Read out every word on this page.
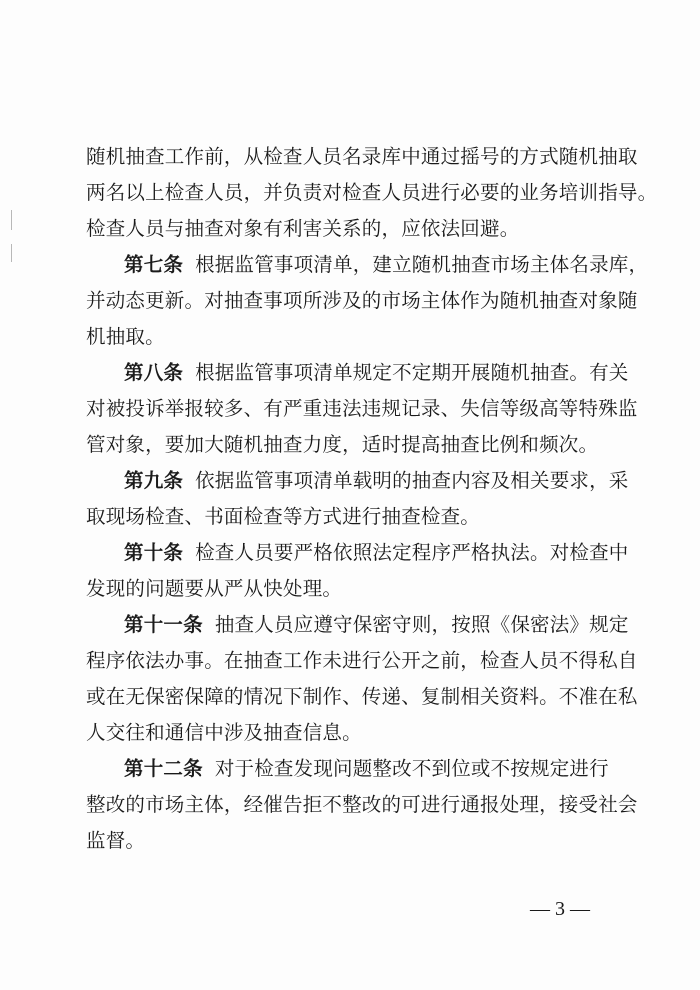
随机抽查工作前，从检查人员名录库中通过摇号的方式随机抽取
两名以上检查人员，并负责对检查人员进行必要的业务培训指导。
检查人员与抽查对象有利害关系的，应依法回避。
第七条 根据监管事项清单，建立随机抽查市场主体名录库，
并动态更新。对抽查事项所涉及的市场主体作为随机抽查对象随
机抽取。
第八条 根据监管事项清单规定不定期开展随机抽查。有关
对被投诉举报较多、有严重违法违规记录、失信等级高等特殊监
管对象，要加大随机抽查力度，适时提高抽查比例和频次。
第九条 依据监管事项清单载明的抽查内容及相关要求，采
取现场检查、书面检查等方式进行抽查检查。
第十条 检查人员要严格依照法定程序严格执法。对检查中
发现的问题要从严从快处理。
第十一条 抽查人员应遵守保密守则，按照《保密法》规定
程序依法办事。在抽查工作未进行公开之前，检查人员不得私自
或在无保密保障的情况下制作、传递、复制相关资料。不准在私
人交往和通信中涉及抽查信息。
第十二条 对于检查发现问题整改不到位或不按规定进行
整改的市场主体，经催告拒不整改的可进行通报处理，接受社会
监督。
— 3 —
